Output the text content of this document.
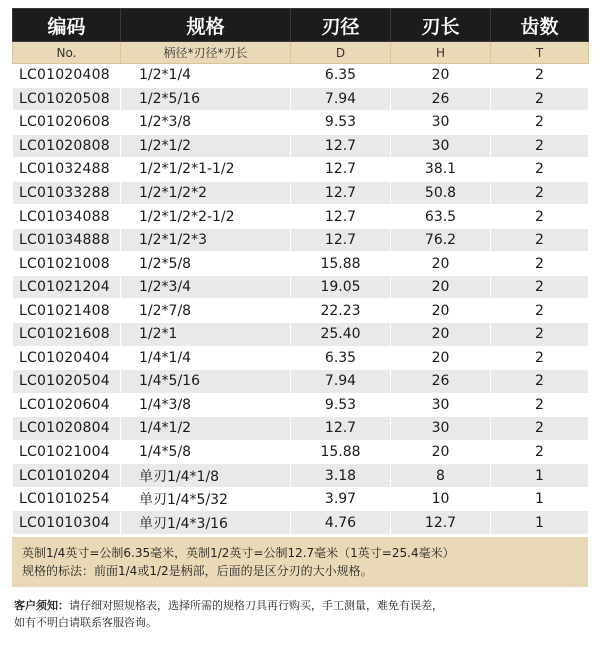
编码	规格	刃径	刃长	齿数
No.	柄径*刃径*刃长	D	H	T
LC01020408	1/2*1/4	6.35	20	2
LC01020508	1/2*5/16	7.94	26	2
LC01020608	1/2*3/8	9.53	30	2
LC01020808	1/2*1/2	12.7	30	2
LC01032488	1/2*1/2*1-1/2	12.7	38.1	2
LC01033288	1/2*1/2*2	12.7	50.8	2
LC01034088	1/2*1/2*2-1/2	12.7	63.5	2
LC01034888	1/2*1/2*3	12.7	76.2	2
LC01021008	1/2*5/8	15.88	20	2
LC01021204	1/2*3/4	19.05	20	2
LC01021408	1/2*7/8	22.23	20	2
LC01021608	1/2*1	25.40	20	2
LC01020404	1/4*1/4	6.35	20	2
LC01020504	1/4*5/16	7.94	26	2
LC01020604	1/4*3/8	9.53	30	2
LC01020804	1/4*1/2	12.7	30	2
LC01021004	1/4*5/8	15.88	20	2
LC01010204	单刃1/4*1/8	3.18	8	1
LC01010254	单刃1/4*5/32	3.97	10	1
LC01010304	单刃1/4*3/16	4.76	12.7	1
英制1/4英寸=公制6.35毫米，英制1/2英寸=公制12.7毫米（1英寸=25.4毫米）
规格的标法：前面1/4或1/2是柄部，后面的是区分刃的大小规格。
客户须知：请仔细对照规格表，选择所需的规格刀具再行购买，手工测量，难免有误差，
如有不明白请联系客服咨询。
